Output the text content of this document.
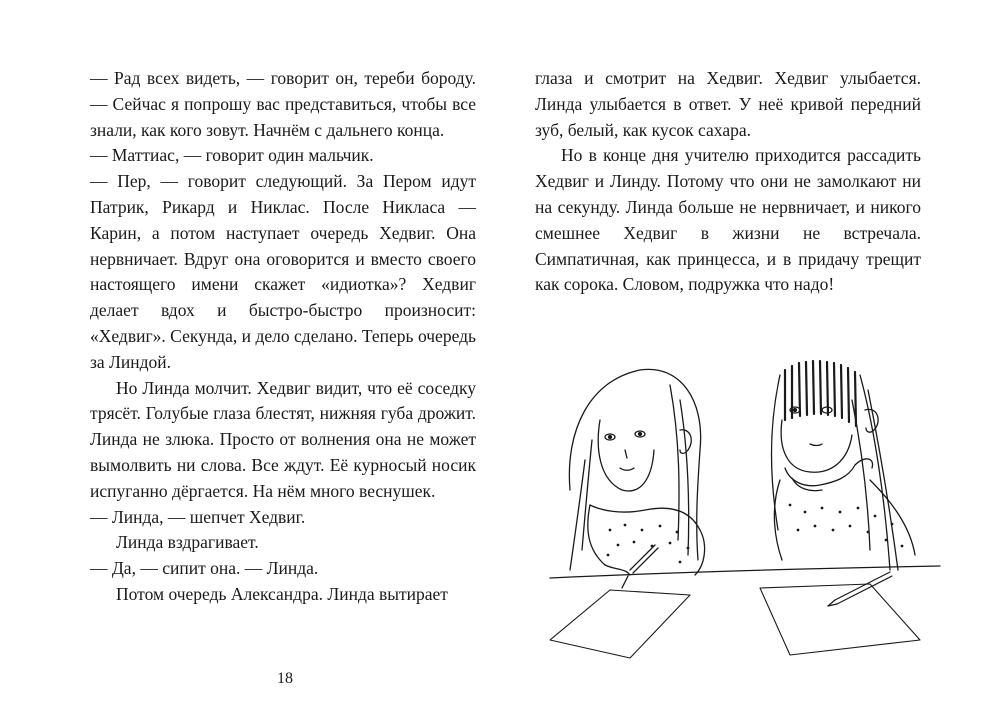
— Рад всех видеть, — говорит он, тереби бороду. — Сейчас я попрошу вас представиться, чтобы все знали, как кого зовут. Начнём с дальнего конца.

— Маттиас, — говорит один мальчик.

— Пер, — говорит следующий. За Пером идут Патрик, Рикард и Никлас. После Никласа — Карин, а потом наступает очередь Хедвиг. Она нервничает. Вдруг она оговорится и вместо своего настоящего имени скажет «идиотка»? Хедвиг делает вдох и быстро-быстро произносит: «Хедвиг». Секунда, и дело сделано. Теперь очередь за Линдой.

Но Линда молчит. Хедвиг видит, что её соседку трясёт. Голубые глаза блестят, нижняя губа дрожит. Линда не злюка. Просто от волнения она не может вымолвить ни слова. Все ждут. Её курносый носик испуганно дёргается. На нём много веснушек.

— Линда, — шепчет Хедвиг.

Линда вздрагивает.

— Да, — сипит она. — Линда.

Потом очередь Александра. Линда вытирает

18

глаза и смотрит на Хедвиг. Хедвиг улыбается. Линда улыбается в ответ. У неё кривой передний зуб, белый, как кусок сахара.

Но в конце дня учителю приходится рассадить Хедвиг и Линду. Потому что они не замолкают ни на секунду. Линда больше не нервничает, и никого смешнее Хедвиг в жизни не встречала. Симпатичная, как принцесса, и в придачу трещит как сорока. Словом, подружка что надо!
